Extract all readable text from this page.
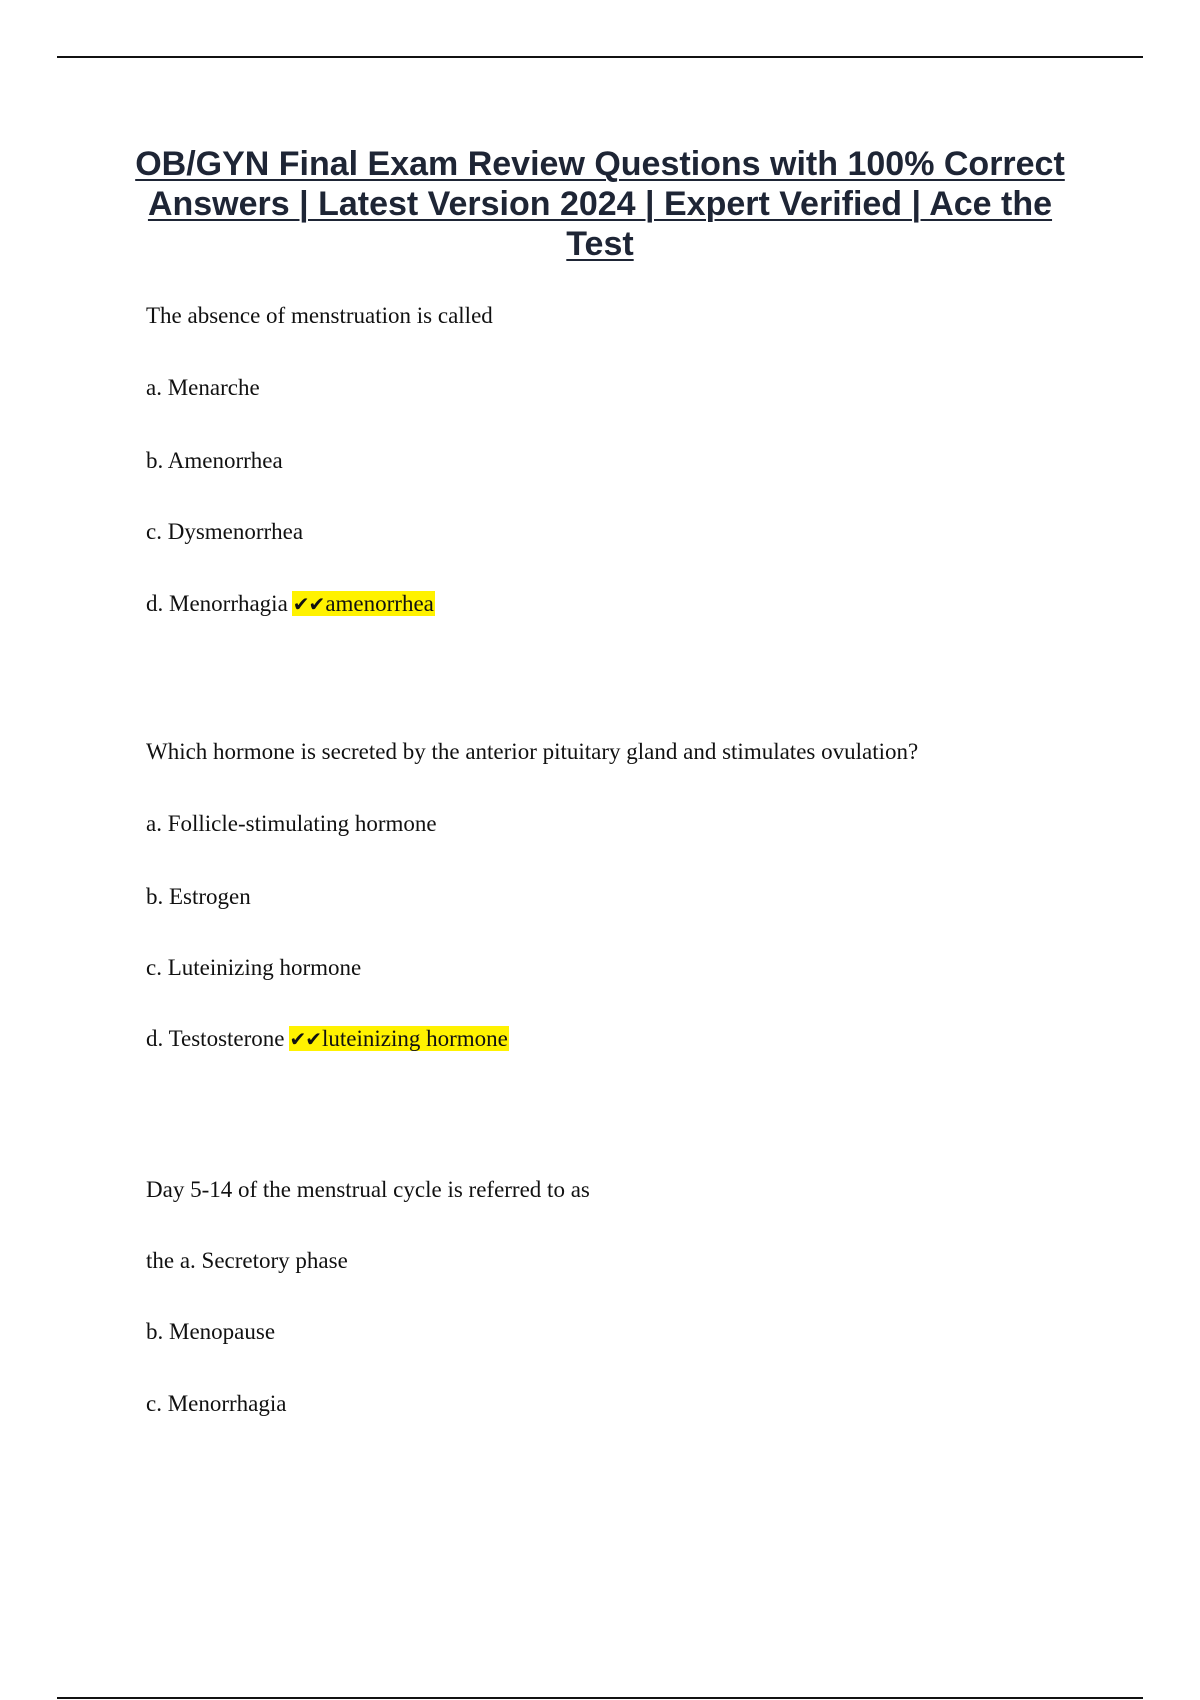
OB/GYN Final Exam Review Questions with 100% Correct Answers | Latest Version 2024 | Expert Verified | Ace the Test

The absence of menstruation is called

a. Menarche

b. Amenorrhea

c. Dysmenorrhea

d. Menorrhagia ✔✔amenorrhea

Which hormone is secreted by the anterior pituitary gland and stimulates ovulation?

a. Follicle-stimulating hormone

b. Estrogen

c. Luteinizing hormone

d. Testosterone ✔✔luteinizing hormone

Day 5-14 of the menstrual cycle is referred to as

the a. Secretory phase

b. Menopause

c. Menorrhagia
